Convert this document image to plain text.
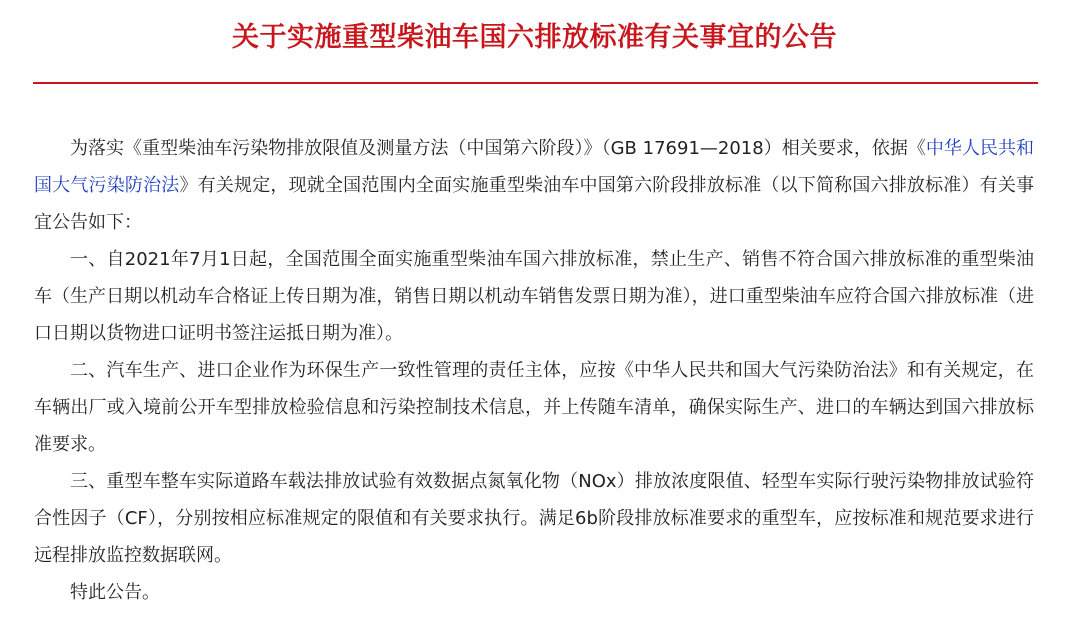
关于实施重型柴油车国六排放标准有关事宜的公告

为落实《重型柴油车污染物排放限值及测量方法（中国第六阶段）》（GB 17691—2018）相关要求，依据《中华人民共和国大气污染防治法》有关规定，现就全国范围内全面实施重型柴油车中国第六阶段排放标准（以下简称国六排放标准）有关事宜公告如下：

一、自2021年7月1日起，全国范围全面实施重型柴油车国六排放标准，禁止生产、销售不符合国六排放标准的重型柴油车（生产日期以机动车合格证上传日期为准，销售日期以机动车销售发票日期为准），进口重型柴油车应符合国六排放标准（进口日期以货物进口证明书签注运抵日期为准）。

二、汽车生产、进口企业作为环保生产一致性管理的责任主体，应按《中华人民共和国大气污染防治法》和有关规定，在车辆出厂或入境前公开车型排放检验信息和污染控制技术信息，并上传随车清单，确保实际生产、进口的车辆达到国六排放标准要求。

三、重型车整车实际道路车载法排放试验有效数据点氮氧化物（NOx）排放浓度限值、轻型车实际行驶污染物排放试验符合性因子（CF），分别按相应标准规定的限值和有关要求执行。满足6b阶段排放标准要求的重型车，应按标准和规范要求进行远程排放监控数据联网。

特此公告。
